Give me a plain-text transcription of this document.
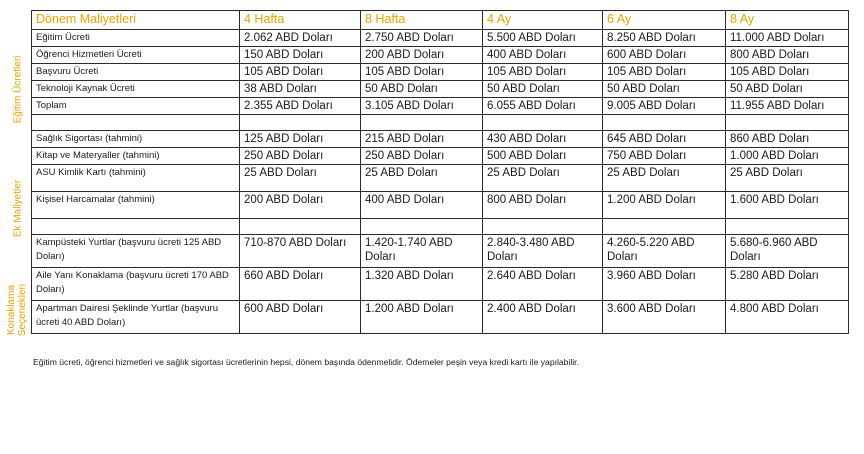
Eğitim Ücretleri
Ek Maliyetler
Konaklama Seçenekleri
Dönem Maliyetleri	4 Hafta	8 Hafta	4 Ay	6 Ay	8 Ay
Eğitim Ücreti	2.062 ABD Doları	2.750 ABD Doları	5.500 ABD Doları	8.250 ABD Doları	11.000 ABD Doları
Öğrenci Hizmetleri Ücreti	150 ABD Doları	200 ABD Doları	400 ABD Doları	600 ABD Doları	800 ABD Doları
Başvuru Ücreti	105 ABD Doları	105 ABD Doları	105 ABD Doları	105 ABD Doları	105 ABD Doları
Teknoloji Kaynak Ücreti	38 ABD Doları	50 ABD Doları	50 ABD Doları	50 ABD Doları	50 ABD Doları
Toplam	2.355 ABD Doları	3.105 ABD Doları	6.055 ABD Doları	9.005 ABD Doları	11.955 ABD Doları

Sağlık Sigortası (tahmini)	125 ABD Doları	215 ABD Doları	430 ABD Doları	645 ABD Doları	860 ABD Doları
Kitap ve Materyaller (tahmini)	250 ABD Doları	250 ABD Doları	500 ABD Doları	750 ABD Doları	1.000 ABD Doları
ASU Kimlik Kartı (tahmini)	25 ABD Doları	25 ABD Doları	25 ABD Doları	25 ABD Doları	25 ABD Doları
Kişisel Harcamalar (tahmini)	200 ABD Doları	400 ABD Doları	800 ABD Doları	1.200 ABD Doları	1.600 ABD Doları

Kampüsteki Yurtlar (başvuru ücreti 125 ABD Doları)	710-870 ABD Doları	1.420-1.740 ABD Doları	2.840-3.480 ABD Doları	4.260-5.220 ABD Doları	5.680-6.960 ABD Doları
Aile Yanı Konaklama (başvuru ücreti 170 ABD Doları)	660 ABD Doları	1.320 ABD Doları	2.640 ABD Doları	3.960 ABD Doları	5.280 ABD Doları
Apartman Dairesi Şeklinde Yurtlar (başvuru ücreti 40 ABD Doları)	600 ABD Doları	1.200 ABD Doları	2.400 ABD Doları	3.600 ABD Doları	4.800 ABD Doları
Eğitim ücreti, öğrenci hizmetleri ve sağlık sigortası ücretlerinin hepsi, dönem başında ödenmelidir. Ödemeler peşin veya kredi kartı ile yapılabilir.
